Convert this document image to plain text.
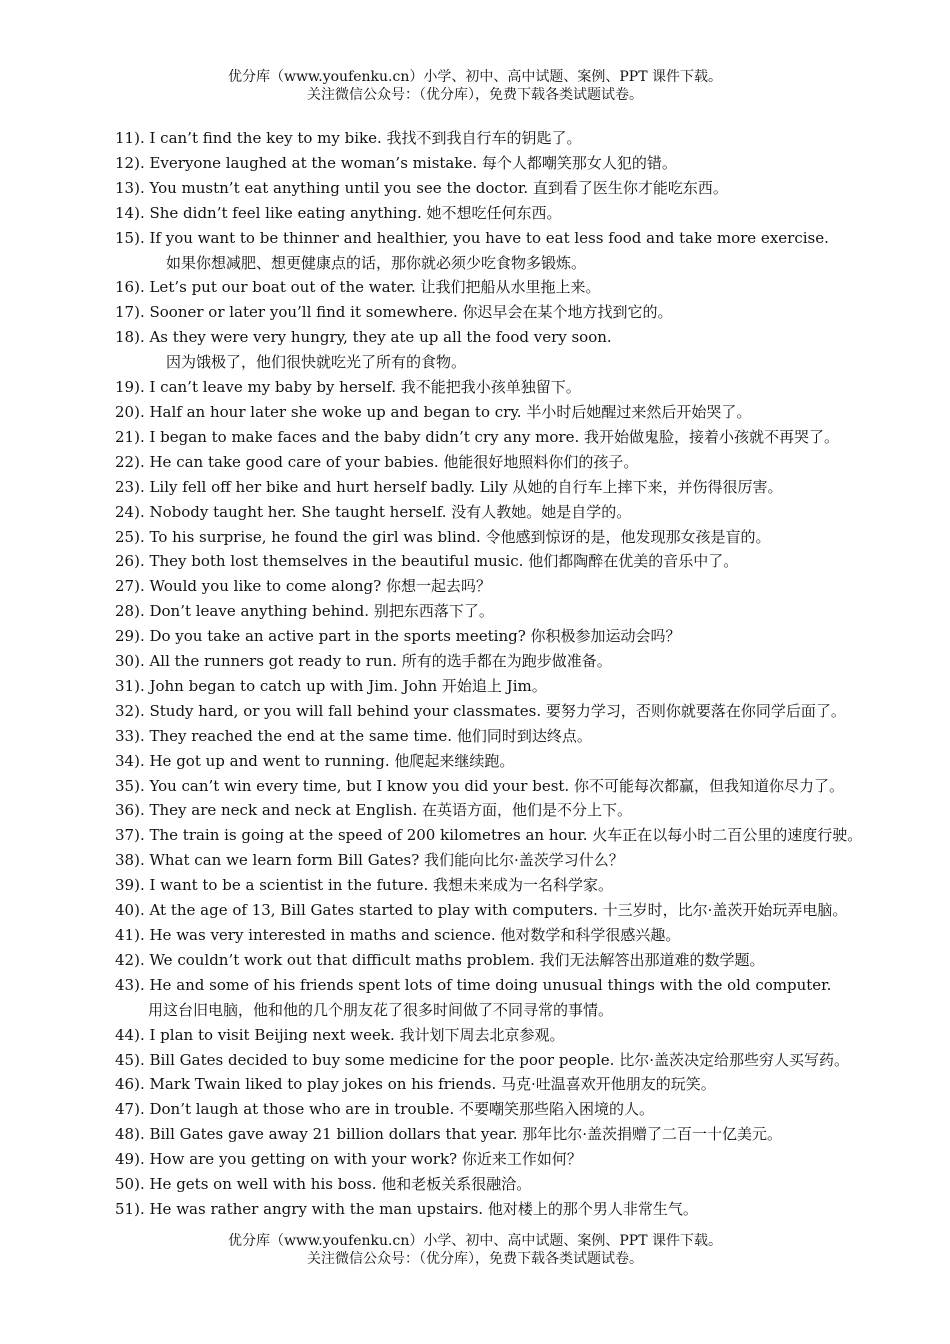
优分库（www.youfenku.cn）小学、初中、高中试题、案例、PPT 课件下载。
关注微信公众号：（优分库），免费下载各类试题试卷。
11). I can’t find the key to my bike. 我找不到我自行车的钥匙了。
12). Everyone laughed at the woman’s mistake. 每个人都嘲笑那女人犯的错。
13). You mustn’t eat anything until you see the doctor. 直到看了医生你才能吃东西。
14). She didn’t feel like eating anything. 她不想吃任何东西。
15). If you want to be thinner and healthier, you have to eat less food and take more exercise.
如果你想减肥、想更健康点的话，那你就必须少吃食物多锻炼。
16). Let’s put our boat out of the water. 让我们把船从水里拖上来。
17). Sooner or later you’ll find it somewhere. 你迟早会在某个地方找到它的。
18). As they were very hungry, they ate up all the food very soon.
因为饿极了，他们很快就吃光了所有的食物。
19). I can’t leave my baby by herself. 我不能把我小孩单独留下。
20). Half an hour later she woke up and began to cry. 半小时后她醒过来然后开始哭了。
21). I began to make faces and the baby didn’t cry any more. 我开始做鬼脸，接着小孩就不再哭了。
22). He can take good care of your babies. 他能很好地照料你们的孩子。
23). Lily fell off her bike and hurt herself badly. Lily 从她的自行车上摔下来，并伤得很厉害。
24). Nobody taught her. She taught herself. 没有人教她。她是自学的。
25). To his surprise, he found the girl was blind. 令他感到惊讶的是，他发现那女孩是盲的。
26). They both lost themselves in the beautiful music. 他们都陶醉在优美的音乐中了。
27). Would you like to come along? 你想一起去吗？
28). Don’t leave anything behind. 别把东西落下了。
29). Do you take an active part in the sports meeting? 你积极参加运动会吗？
30). All the runners got ready to run. 所有的选手都在为跑步做准备。
31). John began to catch up with Jim. John 开始追上 Jim。
32). Study hard, or you will fall behind your classmates. 要努力学习，否则你就要落在你同学后面了。
33). They reached the end at the same time. 他们同时到达终点。
34). He got up and went to running. 他爬起来继续跑。
35). You can’t win every time, but I know you did your best. 你不可能每次都赢，但我知道你尽力了。
36). They are neck and neck at English. 在英语方面，他们是不分上下。
37). The train is going at the speed of 200 kilometres an hour. 火车正在以每小时二百公里的速度行驶。
38). What can we learn form Bill Gates? 我们能向比尔·盖茨学习什么？
39). I want to be a scientist in the future. 我想未来成为一名科学家。
40). At the age of 13, Bill Gates started to play with computers. 十三岁时，比尔·盖茨开始玩弄电脑。
41). He was very interested in maths and science. 他对数学和科学很感兴趣。
42). We couldn’t work out that difficult maths problem. 我们无法解答出那道难的数学题。
43). He and some of his friends spent lots of time doing unusual things with the old computer.
用这台旧电脑，他和他的几个朋友花了很多时间做了不同寻常的事情。
44). I plan to visit Beijing next week. 我计划下周去北京参观。
45). Bill Gates decided to buy some medicine for the poor people. 比尔·盖茨决定给那些穷人买写药。
46). Mark Twain liked to play jokes on his friends. 马克·吐温喜欢开他朋友的玩笑。
47). Don’t laugh at those who are in trouble. 不要嘲笑那些陷入困境的人。
48). Bill Gates gave away 21 billion dollars that year. 那年比尔·盖茨捐赠了二百一十亿美元。
49). How are you getting on with your work? 你近来工作如何？
50). He gets on well with his boss. 他和老板关系很融洽。
51). He was rather angry with the man upstairs. 他对楼上的那个男人非常生气。
优分库（www.youfenku.cn）小学、初中、高中试题、案例、PPT 课件下载。
关注微信公众号：（优分库），免费下载各类试题试卷。
